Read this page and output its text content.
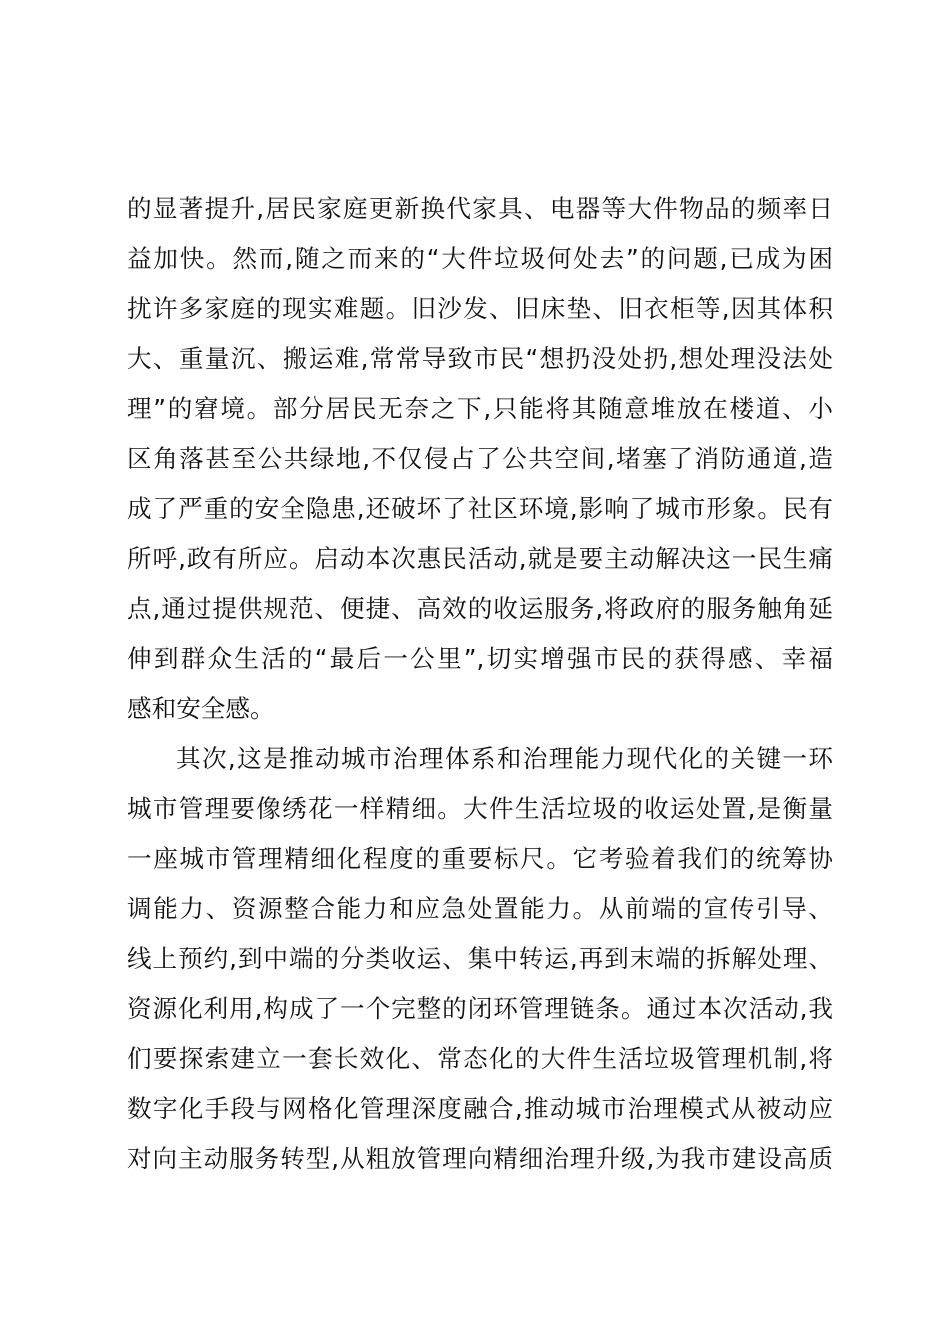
的显著提升,居民家庭更新换代家具、电器等大件物品的频率日
益加快。然而,随之而来的“大件垃圾何处去”的问题,已成为困
扰许多家庭的现实难题。旧沙发、旧床垫、旧衣柜等,因其体积
大、重量沉、搬运难,常常导致市民“想扔没处扔,想处理没法处
理”的窘境。部分居民无奈之下,只能将其随意堆放在楼道、小
区角落甚至公共绿地,不仅侵占了公共空间,堵塞了消防通道,造
成了严重的安全隐患,还破坏了社区环境,影响了城市形象。民有
所呼,政有所应。启动本次惠民活动,就是要主动解决这一民生痛
点,通过提供规范、便捷、高效的收运服务,将政府的服务触角延
伸到群众生活的“最后一公里”,切实增强市民的获得感、幸福
感和安全感。
其次,这是推动城市治理体系和治理能力现代化的关键一环
城市管理要像绣花一样精细。大件生活垃圾的收运处置,是衡量
一座城市管理精细化程度的重要标尺。它考验着我们的统筹协
调能力、资源整合能力和应急处置能力。从前端的宣传引导、
线上预约,到中端的分类收运、集中转运,再到末端的拆解处理、
资源化利用,构成了一个完整的闭环管理链条。通过本次活动,我
们要探索建立一套长效化、常态化的大件生活垃圾管理机制,将
数字化手段与网格化管理深度融合,推动城市治理模式从被动应
对向主动服务转型,从粗放管理向精细治理升级,为我市建设高质
